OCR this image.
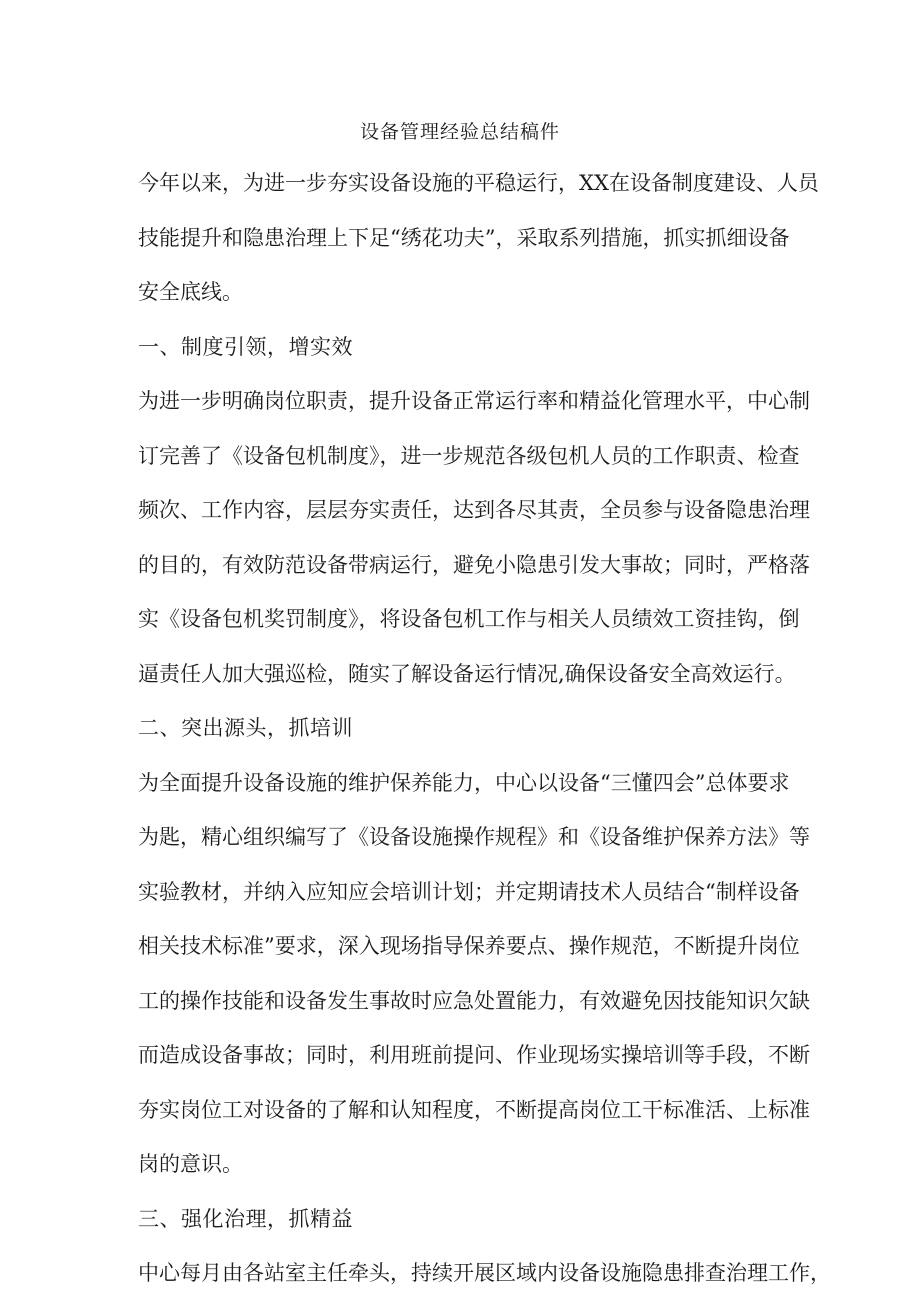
设备管理经验总结稿件
今年以来，为进一步夯实设备设施的平稳运行，XX在设备制度建设、人员
技能提升和隐患治理上下足“绣花功夫”，采取系列措施，抓实抓细设备
安全底线。
一、制度引领，增实效
为进一步明确岗位职责，提升设备正常运行率和精益化管理水平，中心制
订完善了《设备包机制度》，进一步规范各级包机人员的工作职责、检查
频次、工作内容，层层夯实责任，达到各尽其责，全员参与设备隐患治理
的目的，有效防范设备带病运行，避免小隐患引发大事故；同时，严格落
实《设备包机奖罚制度》，将设备包机工作与相关人员绩效工资挂钩，倒
逼责任人加大强巡检，随实了解设备运行情况,确保设备安全高效运行。
二、突出源头，抓培训
为全面提升设备设施的维护保养能力，中心以设备“三懂四会”总体要求
为匙，精心组织编写了《设备设施操作规程》和《设备维护保养方法》等
实验教材，并纳入应知应会培训计划；并定期请技术人员结合“制样设备
相关技术标准”要求，深入现场指导保养要点、操作规范，不断提升岗位
工的操作技能和设备发生事故时应急处置能力，有效避免因技能知识欠缺
而造成设备事故；同时，利用班前提问、作业现场实操培训等手段，不断
夯实岗位工对设备的了解和认知程度，不断提高岗位工干标准活、上标准
岗的意识。
三、强化治理，抓精益
中心每月由各站室主任牵头，持续开展区域内设备设施隐患排查治理工作，
